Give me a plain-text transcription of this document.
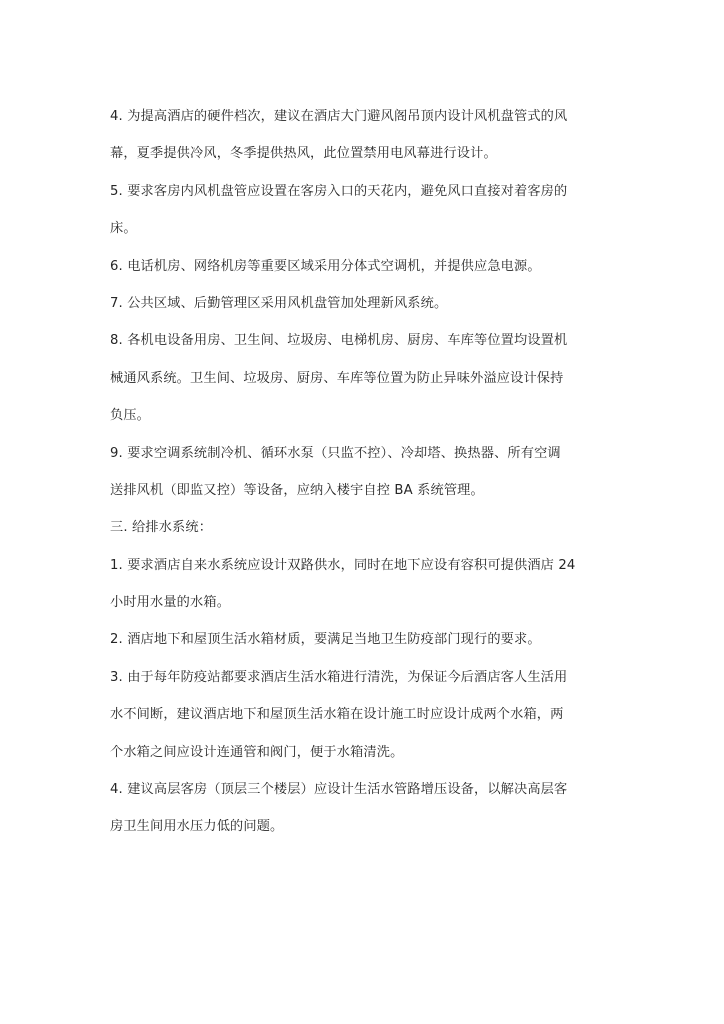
4. 为提高酒店的硬件档次，建议在酒店大门避风阁吊顶内设计风机盘管式的风
幕，夏季提供冷风，冬季提供热风，此位置禁用电风幕进行设计。
5. 要求客房内风机盘管应设置在客房入口的天花内，避免风口直接对着客房的
床。
6. 电话机房、网络机房等重要区域采用分体式空调机，并提供应急电源。
7. 公共区域、后勤管理区采用风机盘管加处理新风系统。
8. 各机电设备用房、卫生间、垃圾房、电梯机房、厨房、车库等位置均设置机
械通风系统。卫生间、垃圾房、厨房、车库等位置为防止异味外溢应设计保持
负压。
9. 要求空调系统制冷机、循环水泵（只监不控）、冷却塔、换热器、所有空调
送排风机（即监又控）等设备，应纳入楼宇自控 BA 系统管理。
三. 给排水系统：
1. 要求酒店自来水系统应设计双路供水，同时在地下应设有容积可提供酒店 24
小时用水量的水箱。
2. 酒店地下和屋顶生活水箱材质，要满足当地卫生防疫部门现行的要求。
3. 由于每年防疫站都要求酒店生活水箱进行清洗，为保证今后酒店客人生活用
水不间断，建议酒店地下和屋顶生活水箱在设计施工时应设计成两个水箱，两
个水箱之间应设计连通管和阀门，便于水箱清洗。
4. 建议高层客房（顶层三个楼层）应设计生活水管路增压设备，以解决高层客
房卫生间用水压力低的问题。
